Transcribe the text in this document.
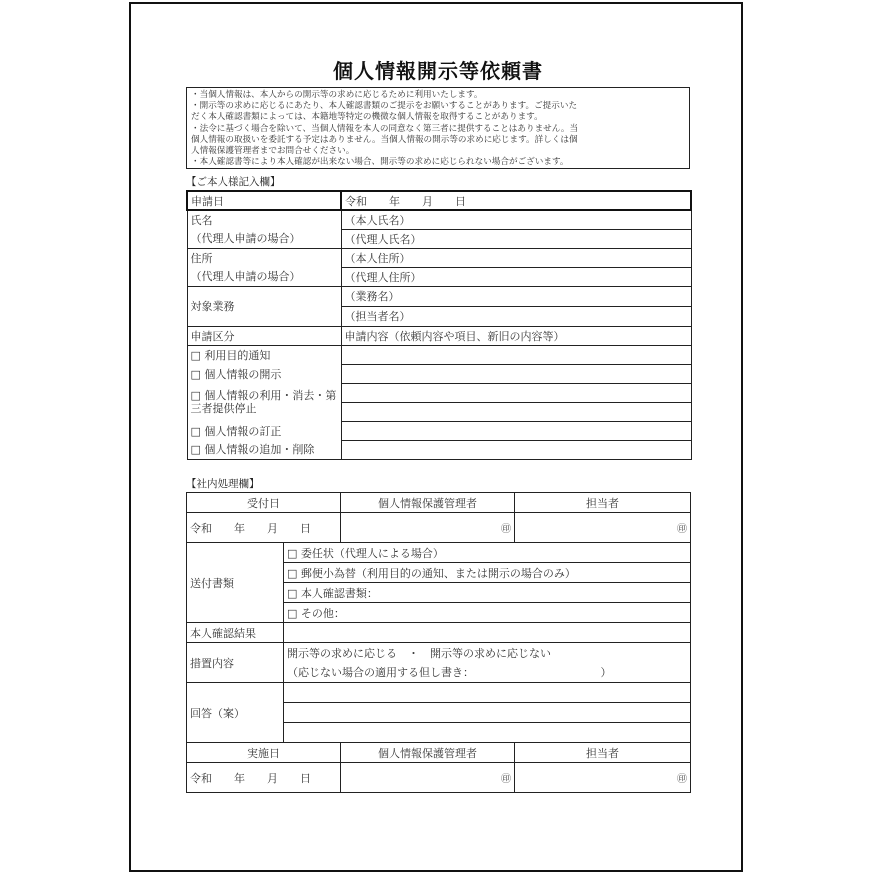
個人情報開示等依頼書
・当個人情報は、本人からの開示等の求めに応じるために利用いたします。
・開示等の求めに応じるにあたり、本人確認書類のご提示をお願いすることがあります。ご提示いた
だく本人確認書類によっては、本籍地等特定の機微な個人情報を取得することがあります。
・法令に基づく場合を除いて、当個人情報を本人の同意なく第三者に提供することはありません。当
個人情報の取扱いを委託する予定はありません。当個人情報の開示等の求めに応じます。詳しくは個
人情報保護管理者までお問合せください。
・本人確認書等により本人確認が出来ない場合、開示等の求めに応じられない場合がございます。
【ご本人様記入欄】
申請日	令和　　年　　月　　日
氏名	（本人氏名）
（代理人申請の場合）	（代理人氏名）
住所	（本人住所）
（代理人申請の場合）	（代理人住所）
対象業務	（業務名）
	（担当者名）
申請区分	申請内容（依頼内容や項目、新旧の内容等）
□ 利用目的通知	
□ 個人情報の開示	
□ 個人情報の利用・消去・第三者提供停止	

□ 個人情報の訂正	
□ 個人情報の追加・削除	
【社内処理欄】
受付日		個人情報保護管理者	担当者
令和　　年　　月　　日		㊞	㊞
送付書類	□ 委任状（代理人による場合）		
	□ 郵便小為替（利用目的の通知、または開示の場合のみ）		
	□ 本人確認書類：		
	□ その他：		
本人確認結果			
措置内容	開示等の求めに応じる　・　開示等の求めに応じない		
	（応じない場合の適用する但し書き：　　　　　　　　　　　　）		
回答（案）			

実施日		個人情報保護管理者	担当者
令和　　年　　月　　日		㊞	㊞
